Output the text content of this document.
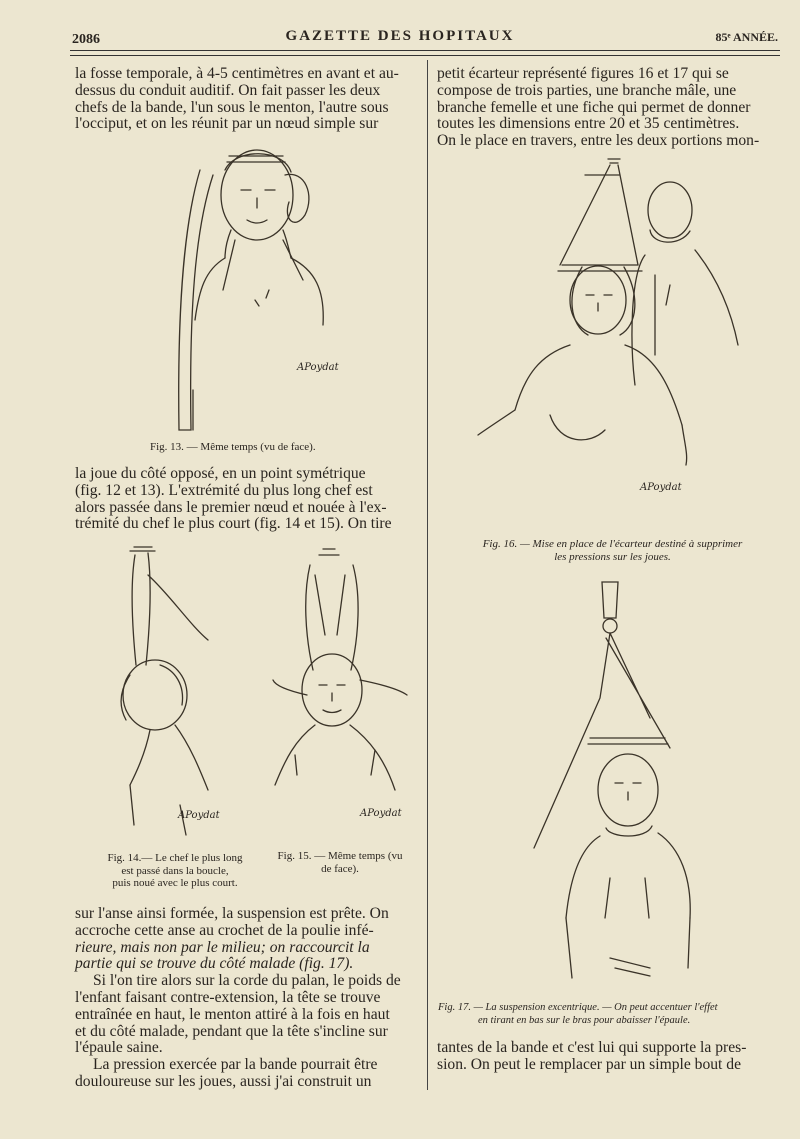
2086	GAZETTE DES HOPITAUX	85ᵉ ANNÉE.
la fosse temporale, à 4-5 centimètres en avant et au-
dessus du conduit auditif. On fait passer les deux
chefs de la bande, l'un sous le menton, l'autre sous
l'occiput, et on les réunit par un nœud simple sur
APoydat
Fig. 13. — Même temps (vu de face).
la joue du côté opposé, en un point symétrique
(fig. 12 et 13). L'extrémité du plus long chef est
alors passée dans le premier nœud et nouée à l'ex-
trémité du chef le plus court (fig. 14 et 15). On tire
APoydat	APoydat
Fig. 14.— Le chef le plus long
est passé dans la boucle,
puis noué avec le plus court.
Fig. 15. — Même temps (vu
de face).
sur l'anse ainsi formée, la suspension est prête. On
accroche cette anse au crochet de la poulie infé-
rieure, mais non par le milieu; on raccourcit la
partie qui se trouve du côté malade (fig. 17).
Si l'on tire alors sur la corde du palan, le poids de
l'enfant faisant contre-extension, la tête se trouve
entraînée en haut, le menton attiré à la fois en haut
et du côté malade, pendant que la tête s'incline sur
l'épaule saine.
La pression exercée par la bande pourrait être
douloureuse sur les joues, aussi j'ai construit un
petit écarteur représenté figures 16 et 17 qui se
compose de trois parties, une branche mâle, une
branche femelle et une fiche qui permet de donner
toutes les dimensions entre 20 et 35 centimètres.
On le place en travers, entre les deux portions mon-
APoydat
Fig. 16. — Mise en place de l'écarteur destiné à supprimer
les pressions sur les joues.
Fig. 17. — La suspension excentrique. — On peut accentuer l'effet
en tirant en bas sur le bras pour abaisser l'épaule.
tantes de la bande et c'est lui qui supporte la pres-
sion. On peut le remplacer par un simple bout de
